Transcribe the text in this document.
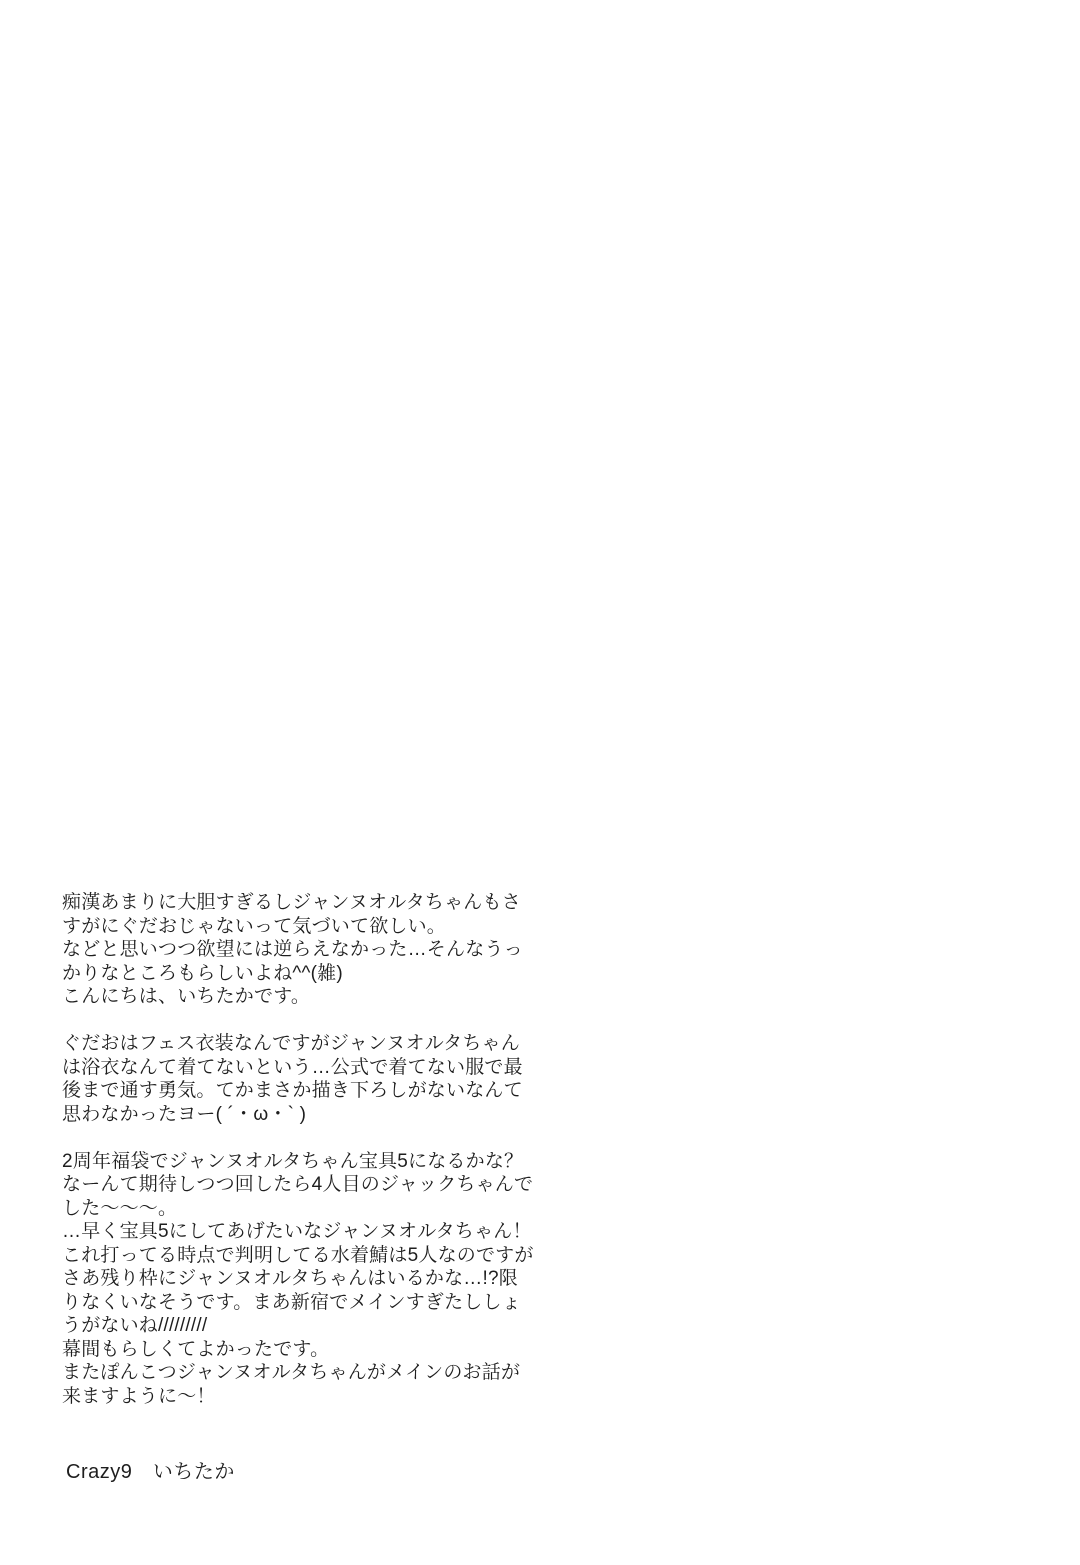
痴漢あまりに大胆すぎるしジャンヌオルタちゃんもさ
すがにぐだおじゃないって気づいて欲しい。
などと思いつつ欲望には逆らえなかった…そんなうっ
かりなところもらしいよね^^(雑)
こんにちは、いちたかです。
ぐだおはフェス衣装なんですがジャンヌオルタちゃん
は浴衣なんて着てないという…公式で着てない服で最
後まで通す勇気。てかまさか描き下ろしがないなんて
思わなかったヨー( ´・ω・` )
2周年福袋でジャンヌオルタちゃん宝具5になるかな？
なーんて期待しつつ回したら4人目のジャックちゃんで
した〜〜〜。
…早く宝具5にしてあげたいなジャンヌオルタちゃん！
これ打ってる時点で判明してる水着鯖は5人なのですが
さあ残り枠にジャンヌオルタちゃんはいるかな…!?限
りなくいなそうです。まあ新宿でメインすぎたししょ
うがないね/////////
幕間もらしくてよかったです。
またぽんこつジャンヌオルタちゃんがメインのお話が
来ますように〜！
Crazy9　いちたか
